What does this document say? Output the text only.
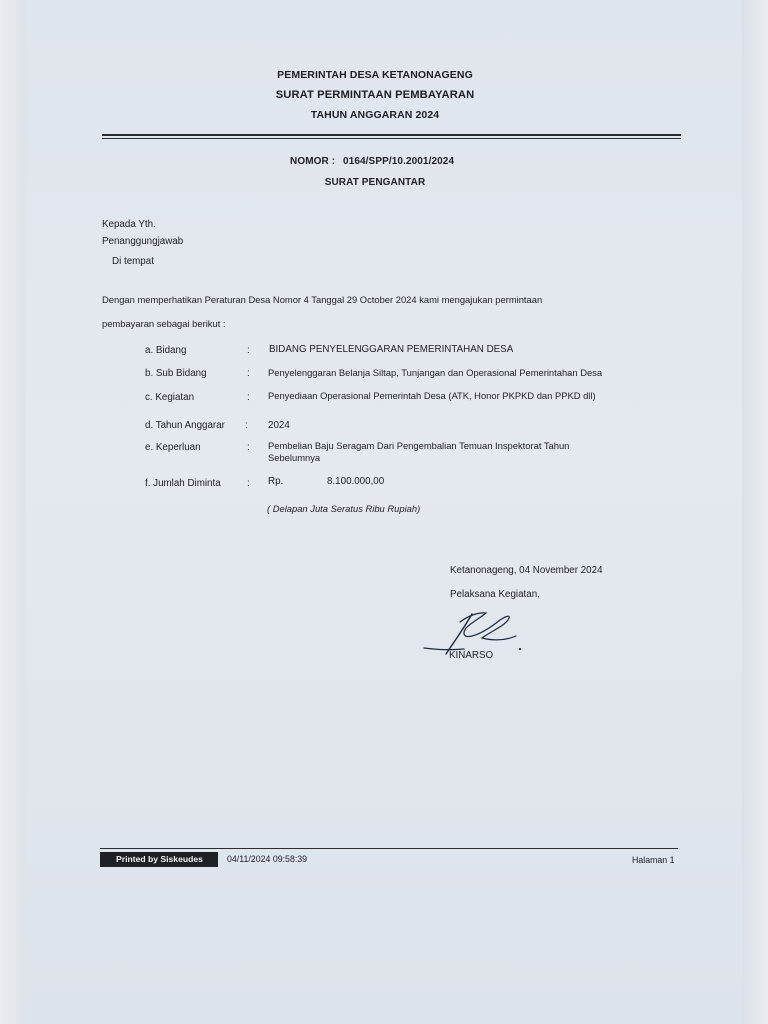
PEMERINTAH DESA KETANONAGENG
SURAT PERMINTAAN PEMBAYARAN
TAHUN ANGGARAN 2024
NOMOR : 0164/SPP/10.2001/2024
SURAT PENGANTAR
Kepada Yth.
Penanggungjawab
Di tempat
Dengan memperhatikan Peraturan Desa Nomor 4 Tanggal 29 October 2024 kami mengajukan permintaan
pembayaran sebagai berikut :
a. Bidang	: BIDANG PENYELENGGARAN PEMERINTAHAN DESA
b. Sub Bidang	: Penyelenggaran Belanja Siltap, Tunjangan dan Operasional Pemerintahan Desa
c. Kegiatan	: Penyediaan Operasional Pemerintah Desa (ATK, Honor PKPKD dan PPKD dll)
d. Tahun Anggarar : 2024
e. Keperluan	: Pembelian Baju Seragam Dari Pengembalian Temuan Inspektorat Tahun
Sebelumnya
f. Jumlah Diminta	: Rp.	8.100.000,00
( Delapan Juta Seratus Ribu Rupiah)
Ketanonageng, 04 November 2024
Pelaksana Kegiatan,
KINARSO
Printed by Siskeudes	04/11/2024 09:58:39	Halaman 1
